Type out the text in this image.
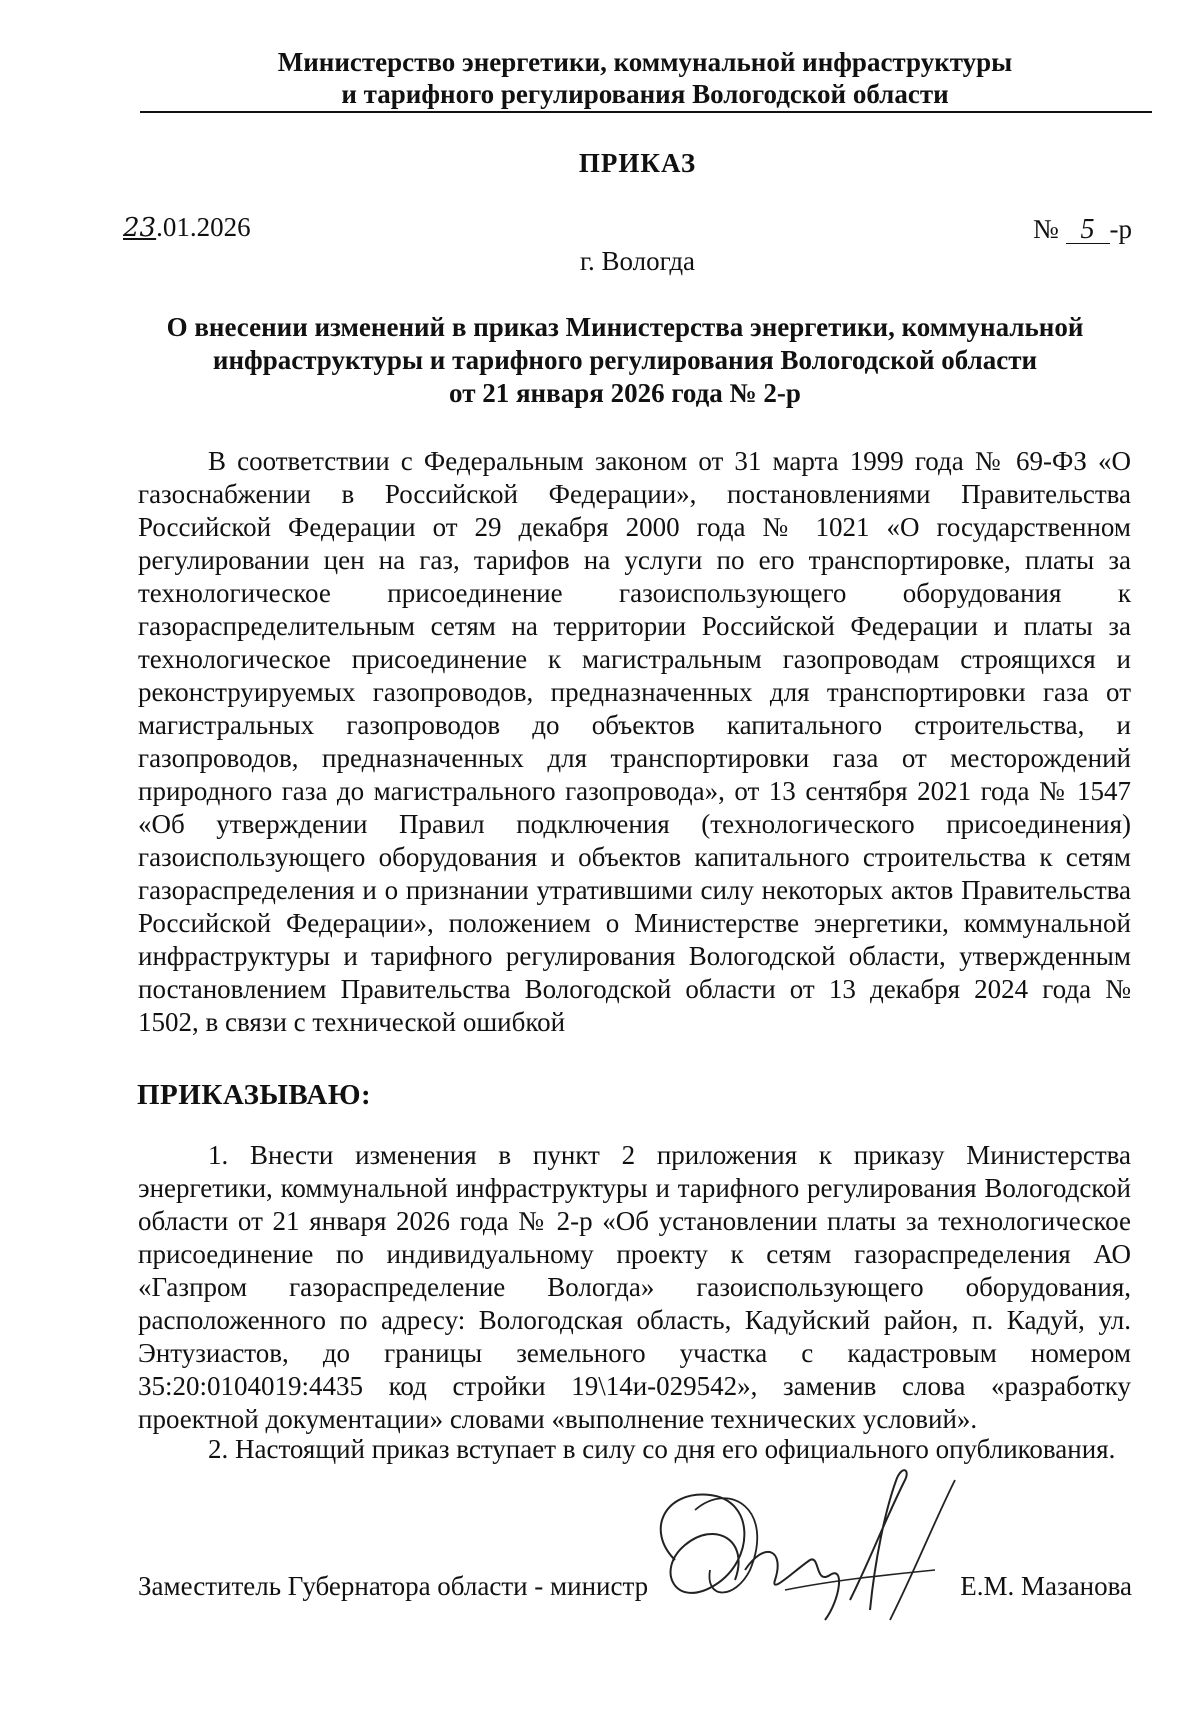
Министерство энергетики, коммунальной инфраструктуры
и тарифного регулирования Вологодской области
ПРИКАЗ
23.01.2026	№ 5 -р
г. Вологда
О внесении изменений в приказ Министерства энергетики, коммунальной
инфраструктуры и тарифного регулирования Вологодской области
от 21 января 2026 года № 2-р
В соответствии с Федеральным законом от 31 марта 1999 года № 69-ФЗ «О газоснабжении в Российской Федерации», постановлениями Правительства Российской Федерации от 29 декабря 2000 года № 1021 «О государственном регулировании цен на газ, тарифов на услуги по его транспортировке, платы за технологическое присоединение газоиспользующего оборудования к газораспределительным сетям на территории Российской Федерации и платы за технологическое присоединение к магистральным газопроводам строящихся и реконструируемых газопроводов, предназначенных для транспортировки газа от магистральных газопроводов до объектов капитального строительства, и газопроводов, предназначенных для транспортировки газа от месторождений природного газа до магистрального газопровода», от 13 сентября 2021 года № 1547 «Об утверждении Правил подключения (технологического присоединения) газоиспользующего оборудования и объектов капитального строительства к сетям газораспределения и о признании утратившими силу некоторых актов Правительства Российской Федерации», положением о Министерстве энергетики, коммунальной инфраструктуры и тарифного регулирования Вологодской области, утвержденным постановлением Правительства Вологодской области от 13 декабря 2024 года № 1502, в связи с технической ошибкой
ПРИКАЗЫВАЮ:
1. Внести изменения в пункт 2 приложения к приказу Министерства энергетики, коммунальной инфраструктуры и тарифного регулирования Вологодской области от 21 января 2026 года № 2-р «Об установлении платы за технологическое присоединение по индивидуальному проекту к сетям газораспределения АО «Газпром газораспределение Вологда» газоиспользующего оборудования, расположенного по адресу: Вологодская область, Кадуйский район, п. Кадуй, ул. Энтузиастов, до границы земельного участка с кадастровым номером 35:20:0104019:4435 код стройки 19\14и-029542», заменив слова «разработку проектной документации» словами «выполнение технических условий».
2. Настоящий приказ вступает в силу со дня его официального опубликования.
Заместитель Губернатора области - министр	Е.М. Мазанова
